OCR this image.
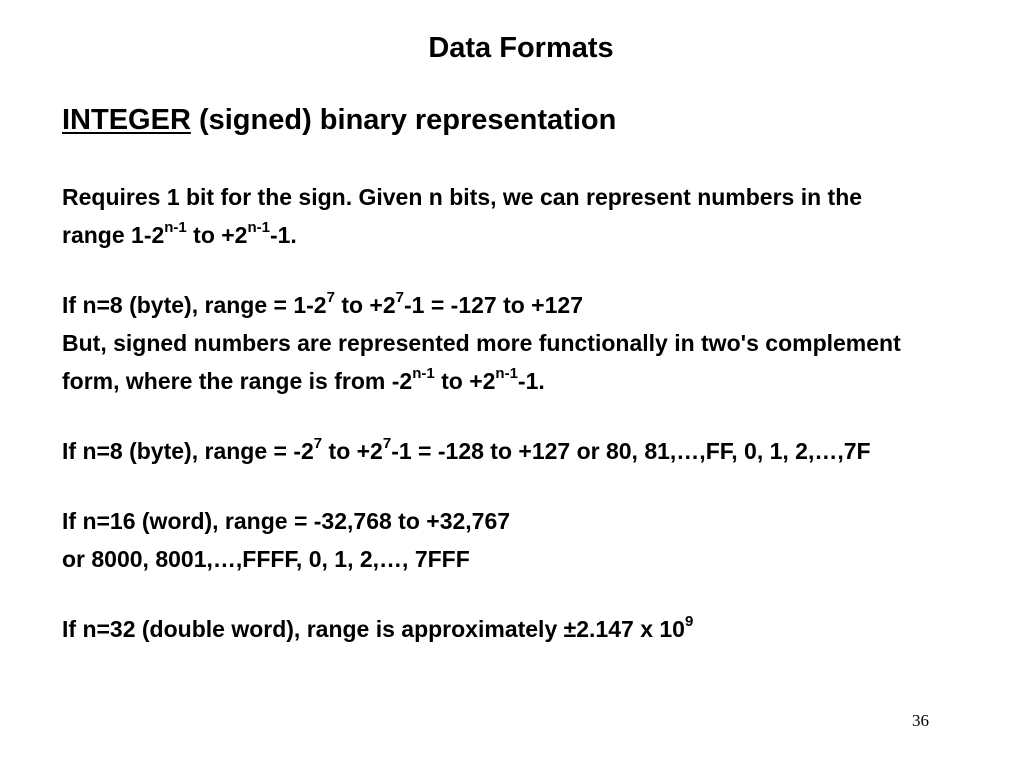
Data Formats
INTEGER (signed) binary representation

Requires 1 bit for the sign. Given n bits, we can represent numbers in the

range 1-2$^{n-1}$ to $+2^{n-1}-1$.

If n=8 (byte), range = $1-2^7$ to $+2^7-1 = -127$ to +127

But, signed numbers are represented more functionally in two's complement

form, where the range is from -2$^{n-1}$ to $+2^{n-1}-1$.

If n=8 (byte), range = $-2^7$ to $+2^7-1 = -128$ to +127 or 80, 81,…,FF, 0, 1, 2,…,7F

If n=16 (word), range = -32,768 to +32,767

or 8000, 8001,…,FFFF, 0, 1, 2,…, 7FFF

If n=32 (double word), range is approximately ±2.147 x $10^9$

36
